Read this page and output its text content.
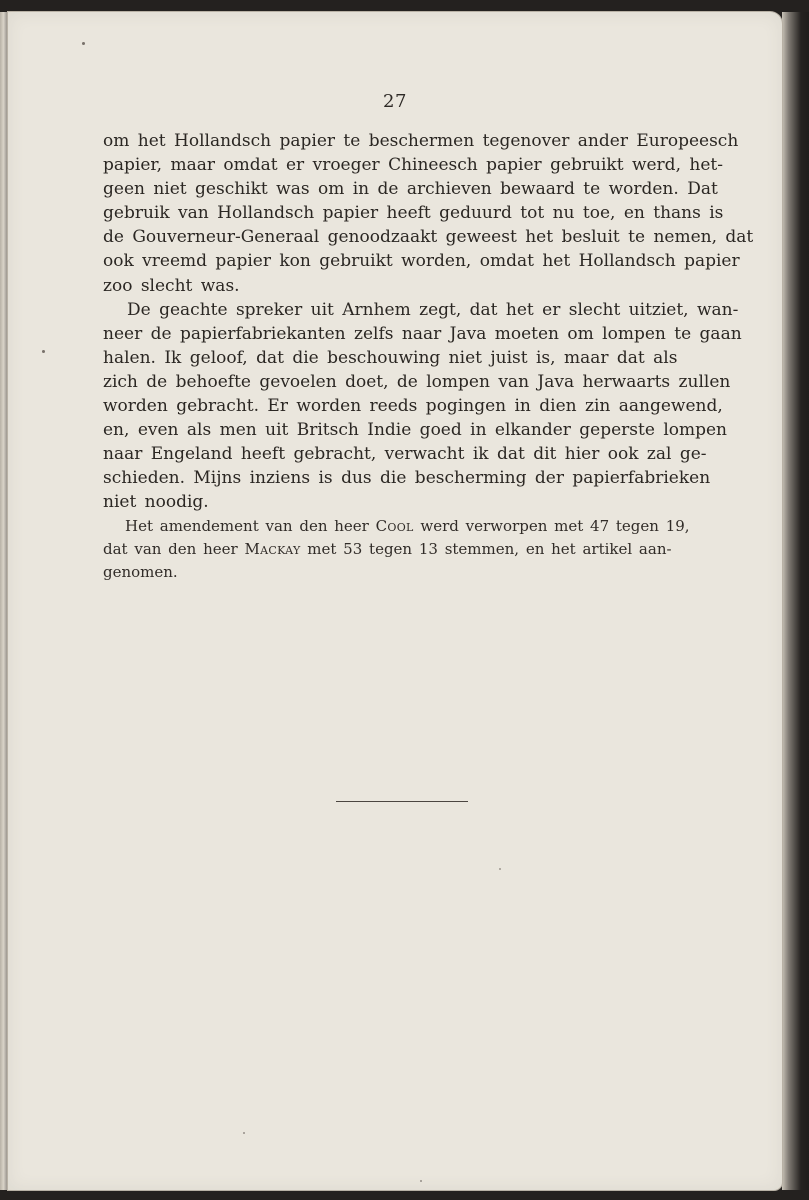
27
om het Hollandsch papier te beschermen tegenover ander Europeesch
papier, maar omdat er vroeger Chineesch papier gebruikt werd, het-
geen niet geschikt was om in de archieven bewaard te worden. Dat
gebruik van Hollandsch papier heeft geduurd tot nu toe, en thans is
de Gouverneur-Generaal genoodzaakt geweest het besluit te nemen, dat
ook vreemd papier kon gebruikt worden, omdat het Hollandsch papier
zoo slecht was.
De geachte spreker uit Arnhem zegt, dat het er slecht uitziet, wan-
neer de papierfabriekanten zelfs naar Java moeten om lompen te gaan
halen. Ik geloof, dat die beschouwing niet juist is, maar dat als
zich de behoefte gevoelen doet, de lompen van Java herwaarts zullen
worden gebracht. Er worden reeds pogingen in dien zin aangewend,
en, even als men uit Britsch Indie goed in elkander geperste lompen
naar Engeland heeft gebracht, verwacht ik dat dit hier ook zal ge-
schieden. Mijns inziens is dus die bescherming der papierfabrieken
niet noodig.
Het amendement van den heer Cool werd verworpen met 47 tegen 19,
dat van den heer Mackay met 53 tegen 13 stemmen, en het artikel aan-
genomen.
